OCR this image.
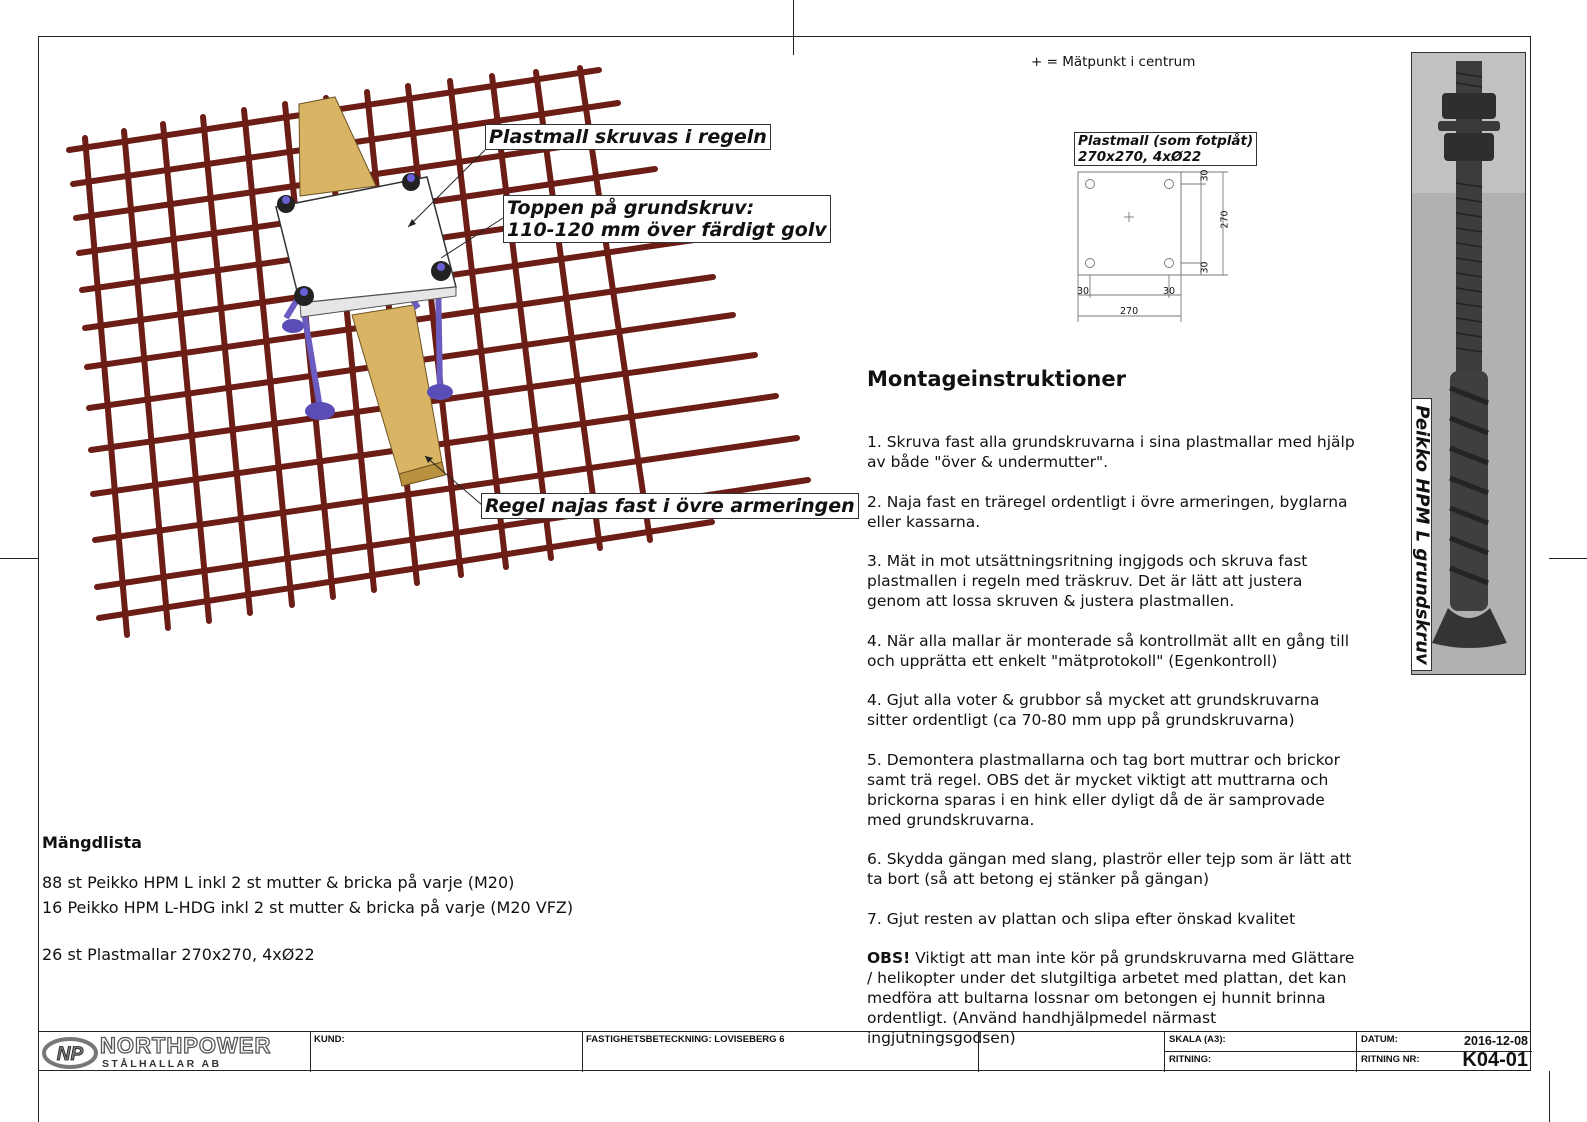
Plastmall skruvas i regeln
Toppen på grundskruv:
110-120 mm över färdigt golv
Regel najas fast i övre armeringen
+ = Mätpunkt i centrum
Plastmall (som fotplåt)
270x270, 4xØ22
30
270
30
30	30
270
Peikko HPM L grundskruv
Montageinstruktioner

1. Skruva fast alla grundskruvarna i sina plastmallar med hjälp av både "över & undermutter".

2. Naja fast en träregel ordentligt i övre armeringen, byglarna eller kassarna.

3. Mät in mot utsättningsritning ingjgods och skruva fast plastmallen i regeln med träskruv. Det är lätt att justera genom att lossa skruven & justera plastmallen.

4. När alla mallar är monterade så kontrollmät allt en gång till och upprätta ett enkelt "mätprotokoll" (Egenkontroll)

4. Gjut alla voter & grubbor så mycket att grundskruvarna sitter ordentligt (ca 70-80 mm upp på grundskruvarna)

5. Demontera plastmallarna och tag bort muttrar och brickor samt trä regel. OBS det är mycket viktigt att muttrarna och brickorna sparas i en hink eller dyligt då de är samprovade med grundskruvarna.

6. Skydda gängan med slang, plaströr eller tejp som är lätt att ta bort (så att betong ej stänker på gängan)

7. Gjut resten av plattan och slipa efter önskad kvalitet

OBS! Viktigt att man inte kör på grundskruvarna med Glättare / helikopter under det slutgiltiga arbetet med plattan, det kan medföra att bultarna lossnar om betongen ej hunnit brinna ordentligt. (Använd handhjälpmedel närmast ingjutningsgodsen)

Mängdlista
88 st Peikko HPM L inkl 2 st mutter & bricka på varje (M20)
16 Peikko HPM L-HDG inkl 2 st mutter & bricka på varje (M20 VFZ)
26 st Plastmallar 270x270, 4xØ22
NP NORTHPOWER
STÅLHALLAR AB
KUND:	FASTIGHETSBETECKNING: LOVISEBERG 6	SKALA (A3):
RITNING:
DATUM:	2016-12-08
RITNING NR: K04-01
